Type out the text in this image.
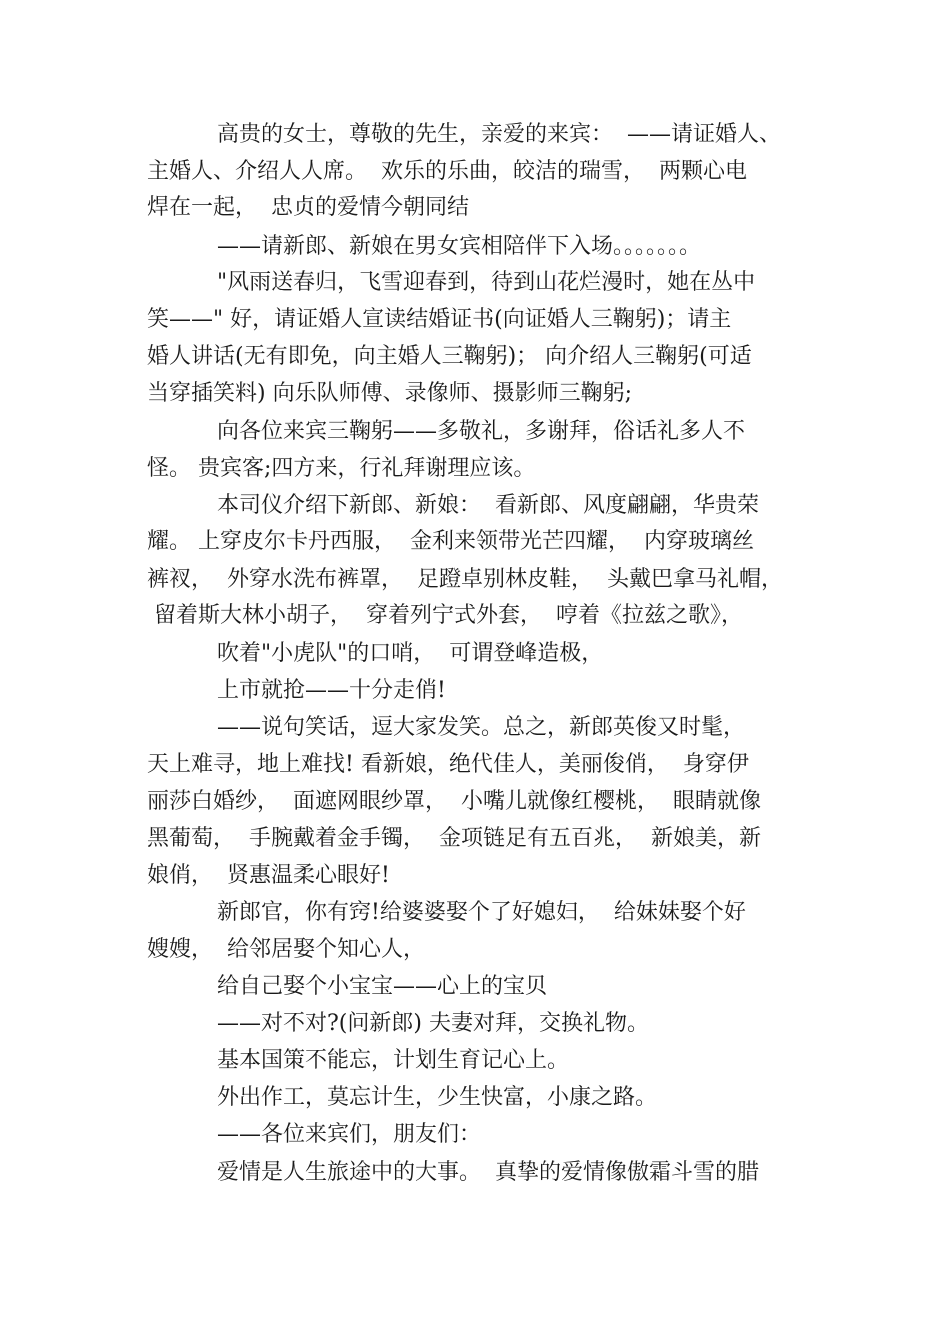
高贵的女士，尊敬的先生，亲爱的来宾：  ——请证婚人、

主婚人、介绍人人席。  欢乐的乐曲，皎洁的瑞雪，  两颗心电

焊在一起，  忠贞的爱情今朝同结

——请新郎、新娘在男女宾相陪伴下入场。。。。。。。

"风雨送春归，飞雪迎春到，待到山花烂漫时，她在丛中

笑——" 好，请证婚人宣读结婚证书(向证婚人三鞠躬)；请主

婚人讲话(无有即免，向主婚人三鞠躬)； 向介绍人三鞠躬(可适

当穿插笑料) 向乐队师傅、录像师、摄影师三鞠躬;

向各位来宾三鞠躬——多敬礼，多谢拜，俗话礼多人不

怪。 贵宾客;四方来，行礼拜谢理应该。

本司仪介绍下新郎、新娘：  看新郎、风度翩翩，华贵荣

耀。 上穿皮尔卡丹西服，  金利来领带光芒四耀，  内穿玻璃丝

裤衩，  外穿水洗布裤罩，  足蹬卓别林皮鞋，  头戴巴拿马礼帽，

留着斯大林小胡子，  穿着列宁式外套，  哼着《拉兹之歌》，

吹着"小虎队"的口哨，  可谓登峰造极，

上市就抢——十分走俏!

——说句笑话，逗大家发笑。总之，新郎英俊又时髦，

天上难寻，地上难找! 看新娘，绝代佳人，美丽俊俏，  身穿伊

丽莎白婚纱，  面遮网眼纱罩，  小嘴儿就像红樱桃，  眼睛就像

黑葡萄，  手腕戴着金手镯，  金项链足有五百兆，  新娘美，新

娘俏，  贤惠温柔心眼好!

新郎官，你有窍!给婆婆娶个了好媳妇，  给妹妹娶个好

嫂嫂，  给邻居娶个知心人，

给自己娶个小宝宝——心上的宝贝

——对不对?(问新郎) 夫妻对拜，交换礼物。

基本国策不能忘，计划生育记心上。

外出作工，莫忘计生，少生快富，小康之路。

——各位来宾们，朋友们：

爱情是人生旅途中的大事。  真挚的爱情像傲霜斗雪的腊
